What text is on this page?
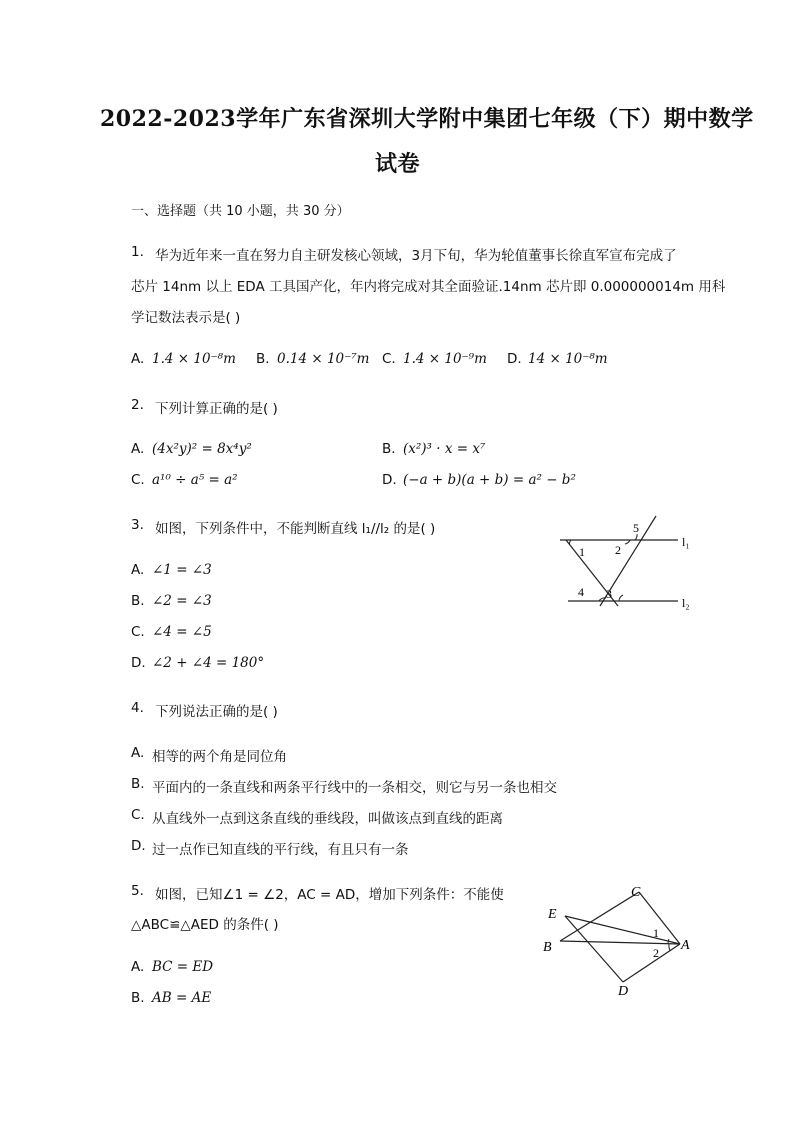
2022-2023学年广东省深圳大学附中集团七年级（下）期中数学
试卷
一、选择题（共 10 小题，共 30 分）
1. 华为近年来一直在努力自主研发核心领域，3月下旬，华为轮值董事长徐直军宣布完成了
芯片 14nm 以上 EDA 工具国产化，年内将完成对其全面验证.14nm 芯片即 0.000000014m 用科
学记数法表示是( )
A. 1.4 × 10⁻⁸m B. 0.14 × 10⁻⁷m C. 1.4 × 10⁻⁹m D. 14 × 10⁻⁸m
2. 下列计算正确的是( )
A. (4x²y)² = 8x⁴y²	B. (x²)³ · x = x⁷
C. a¹⁰ ÷ a⁵ = a²	D. (−a + b)(a + b) = a² − b²
3. 如图，下列条件中，不能判断直线 l₁//l₂ 的是( )
A. ∠1 = ∠3
B. ∠2 = ∠3
C. ∠4 = ∠5
D. ∠2 + ∠4 = 180°
1	2
3
4
5
l₁
l₂
4. 下列说法正确的是( )
A. 相等的两个角是同位角
B. 平面内的一条直线和两条平行线中的一条相交，则它与另一条也相交
C. 从直线外一点到这条直线的垂线段，叫做该点到直线的距离
D. 过一点作已知直线的平行线，有且只有一条
5. 如图，已知∠1 = ∠2，AC = AD，增加下列条件：不能使
△ABC≌△AED 的条件( )
A. BC = ED
B. AB = AE
C
E
B	A
D
1
2
